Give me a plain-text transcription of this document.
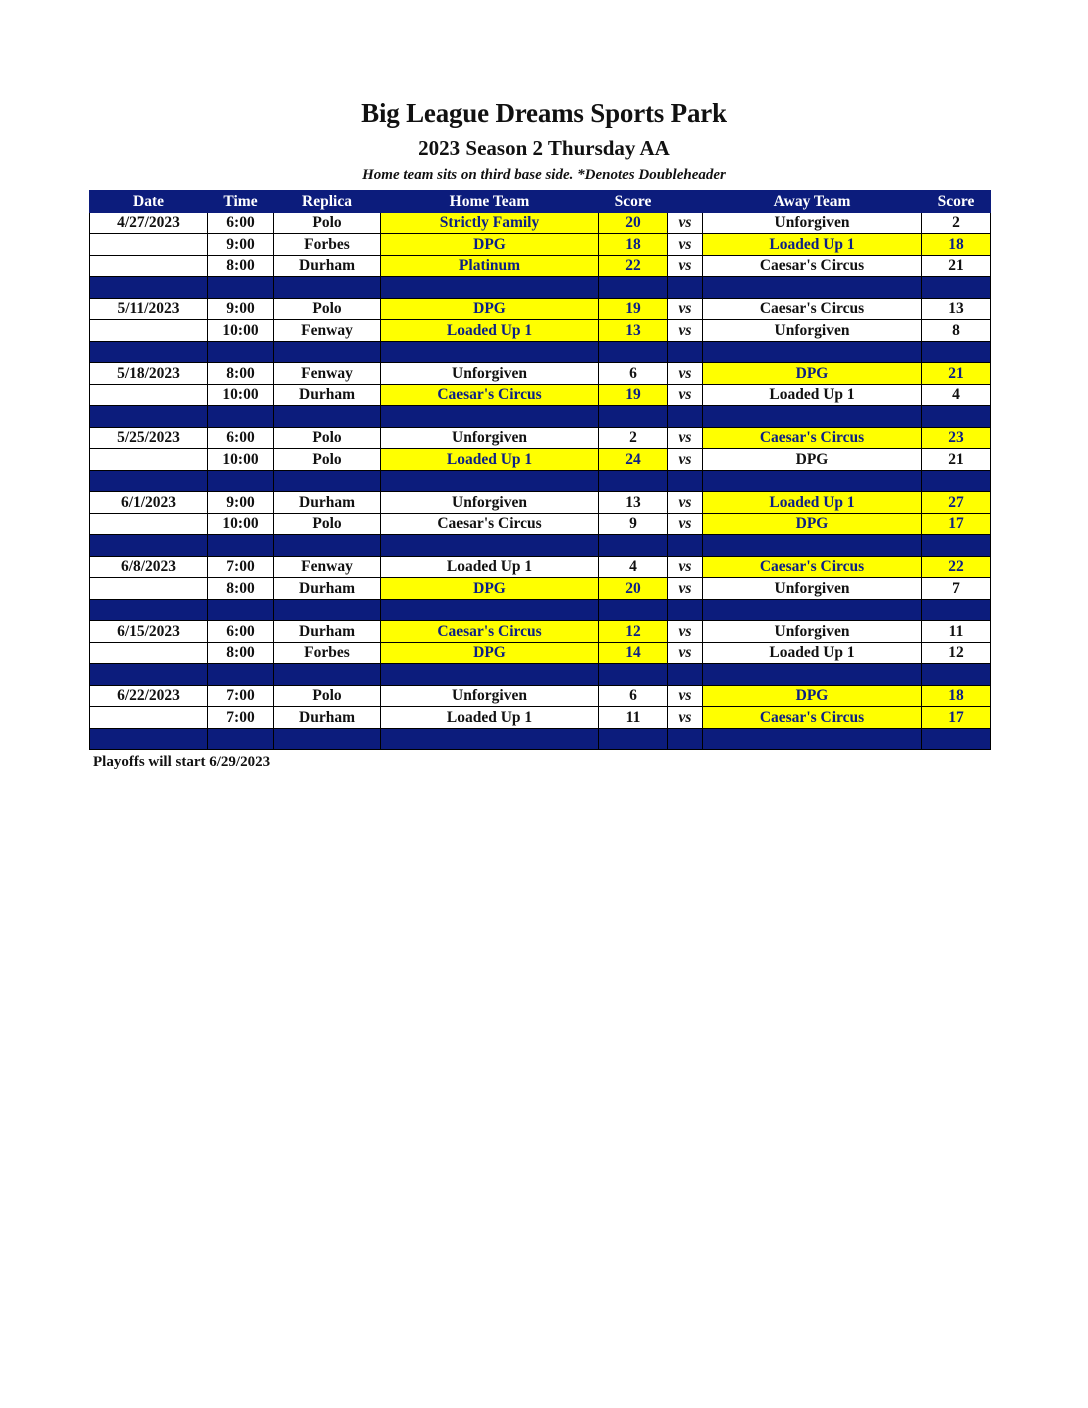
Big League Dreams Sports Park
2023 Season 2 Thursday AA
Home team sits on third base side. *Denotes Doubleheader
Date	Time	Replica	Home Team	Score		Away Team	Score
4/27/2023	6:00	Polo	Strictly Family	20	vs	Unforgiven	2
	9:00	Forbes	DPG	18	vs	Loaded Up 1	18
	8:00	Durham	Platinum	22	vs	Caesar's Circus	21

5/11/2023	9:00	Polo	DPG	19	vs	Caesar's Circus	13
	10:00	Fenway	Loaded Up 1	13	vs	Unforgiven	8

5/18/2023	8:00	Fenway	Unforgiven	6	vs	DPG	21
	10:00	Durham	Caesar's Circus	19	vs	Loaded Up 1	4

5/25/2023	6:00	Polo	Unforgiven	2	vs	Caesar's Circus	23
	10:00	Polo	Loaded Up 1	24	vs	DPG	21

6/1/2023	9:00	Durham	Unforgiven	13	vs	Loaded Up 1	27
	10:00	Polo	Caesar's Circus	9	vs	DPG	17

6/8/2023	7:00	Fenway	Loaded Up 1	4	vs	Caesar's Circus	22
	8:00	Durham	DPG	20	vs	Unforgiven	7

6/15/2023	6:00	Durham	Caesar's Circus	12	vs	Unforgiven	11
	8:00	Forbes	DPG	14	vs	Loaded Up 1	12

6/22/2023	7:00	Polo	Unforgiven	6	vs	DPG	18
	7:00	Durham	Loaded Up 1	11	vs	Caesar's Circus	17

Playoffs will start 6/29/2023
